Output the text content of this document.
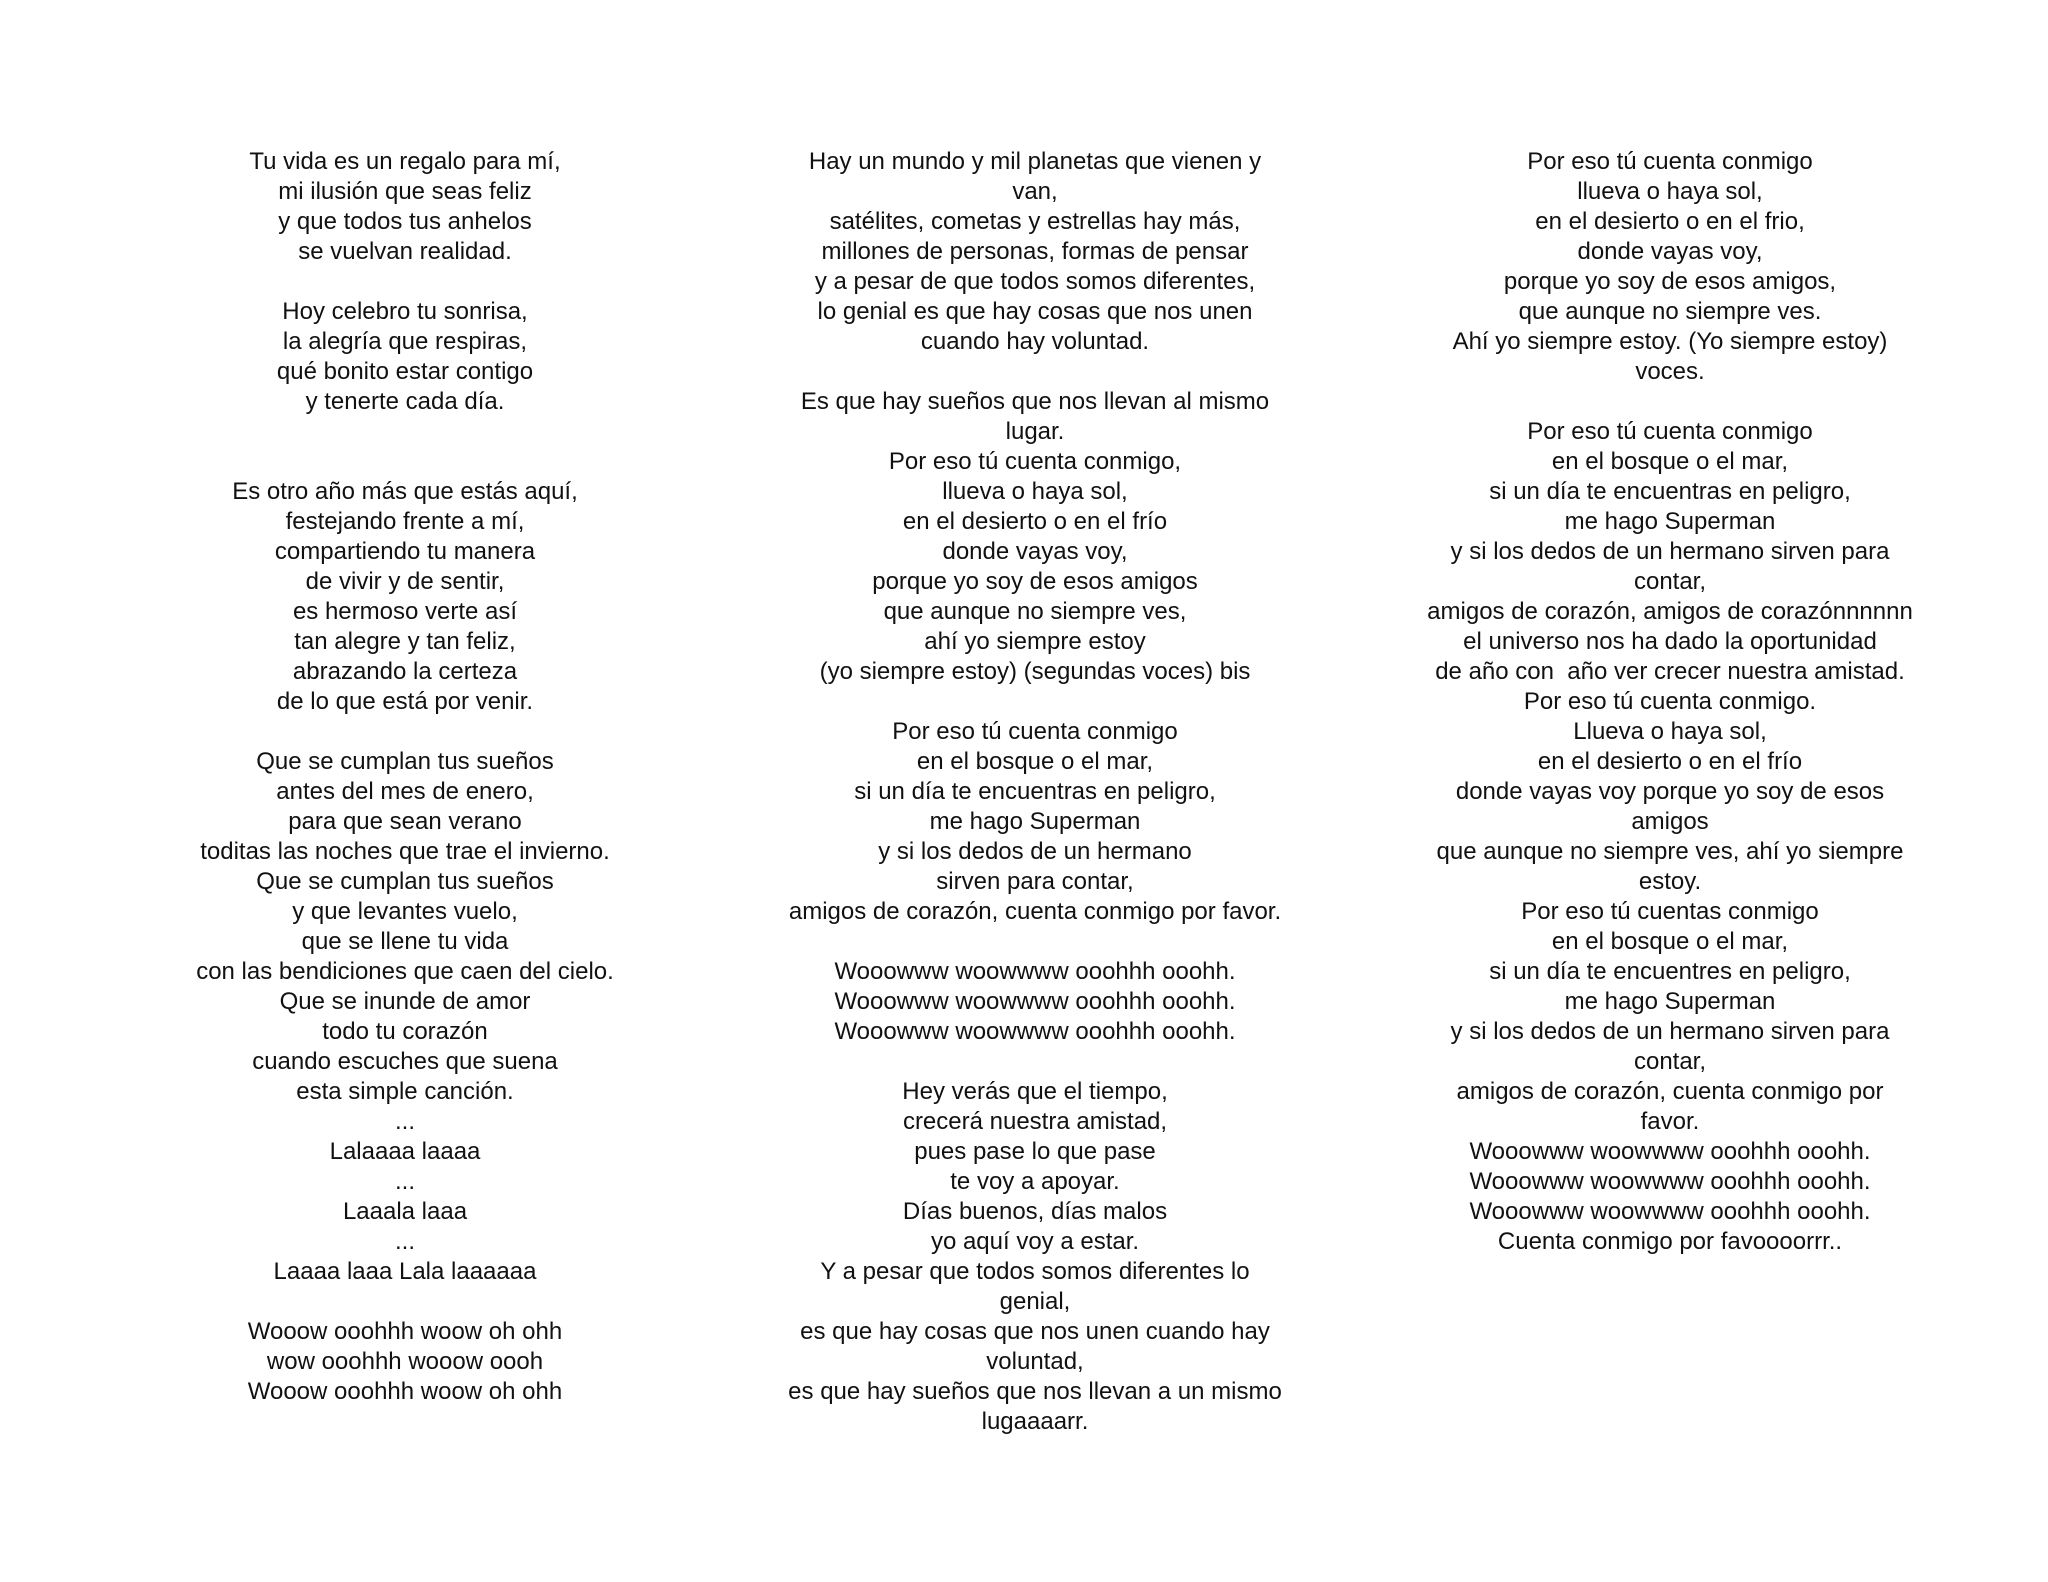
Tu vida es un regalo para mí,
mi ilusión que seas feliz
y que todos tus anhelos
se vuelvan realidad.
Hoy celebro tu sonrisa,
la alegría que respiras,
qué bonito estar contigo
y tenerte cada día.
Es otro año más que estás aquí,
festejando frente a mí,
compartiendo tu manera
de vivir y de sentir,
es hermoso verte así
tan alegre y tan feliz,
abrazando la certeza
de lo que está por venir.
Que se cumplan tus sueños
antes del mes de enero,
para que sean verano
toditas las noches que trae el invierno.
Que se cumplan tus sueños
y que levantes vuelo,
que se llene tu vida
con las bendiciones que caen del cielo.
Que se inunde de amor
todo tu corazón
cuando escuches que suena
esta simple canción.
...
Lalaaaa laaaa
...
Laaala laaa
...
Laaaa laaa Lala laaaaaa
Wooow ooohhh woow oh ohh
wow ooohhh wooow oooh
Wooow ooohhh woow oh ohh
Hay un mundo y mil planetas que vienen y
van,
satélites, cometas y estrellas hay más,
millones de personas, formas de pensar
y a pesar de que todos somos diferentes,
lo genial es que hay cosas que nos unen
cuando hay voluntad.
Es que hay sueños que nos llevan al mismo
lugar.
Por eso tú cuenta conmigo,
llueva o haya sol,
en el desierto o en el frío
donde vayas voy,
porque yo soy de esos amigos
que aunque no siempre ves,
ahí yo siempre estoy
(yo siempre estoy) (segundas voces) bis
Por eso tú cuenta conmigo
en el bosque o el mar,
si un día te encuentras en peligro,
me hago Superman
y si los dedos de un hermano
sirven para contar,
amigos de corazón, cuenta conmigo por favor.
Wooowww woowwww ooohhh ooohh.
Wooowww woowwww ooohhh ooohh.
Wooowww woowwww ooohhh ooohh.
Hey verás que el tiempo,
crecerá nuestra amistad,
pues pase lo que pase
te voy a apoyar.
Días buenos, días malos
yo aquí voy a estar.
Y a pesar que todos somos diferentes lo
genial,
es que hay cosas que nos unen cuando hay
voluntad,
es que hay sueños que nos llevan a un mismo
lugaaaarr.
Por eso tú cuenta conmigo
llueva o haya sol,
en el desierto o en el frio,
donde vayas voy,
porque yo soy de esos amigos,
que aunque no siempre ves.
Ahí yo siempre estoy. (Yo siempre estoy)
voces.
Por eso tú cuenta conmigo
en el bosque o el mar,
si un día te encuentras en peligro,
me hago Superman
y si los dedos de un hermano sirven para
contar,
amigos de corazón, amigos de corazónnnnnn
el universo nos ha dado la oportunidad
de año con  año ver crecer nuestra amistad.
Por eso tú cuenta conmigo.
Llueva o haya sol,
en el desierto o en el frío
donde vayas voy porque yo soy de esos
amigos
que aunque no siempre ves, ahí yo siempre
estoy.
Por eso tú cuentas conmigo
en el bosque o el mar,
si un día te encuentres en peligro,
me hago Superman
y si los dedos de un hermano sirven para
contar,
amigos de corazón, cuenta conmigo por
favor.
Wooowww woowwww ooohhh ooohh.
Wooowww woowwww ooohhh ooohh.
Wooowww woowwww ooohhh ooohh.
Cuenta conmigo por favoooorrr..
